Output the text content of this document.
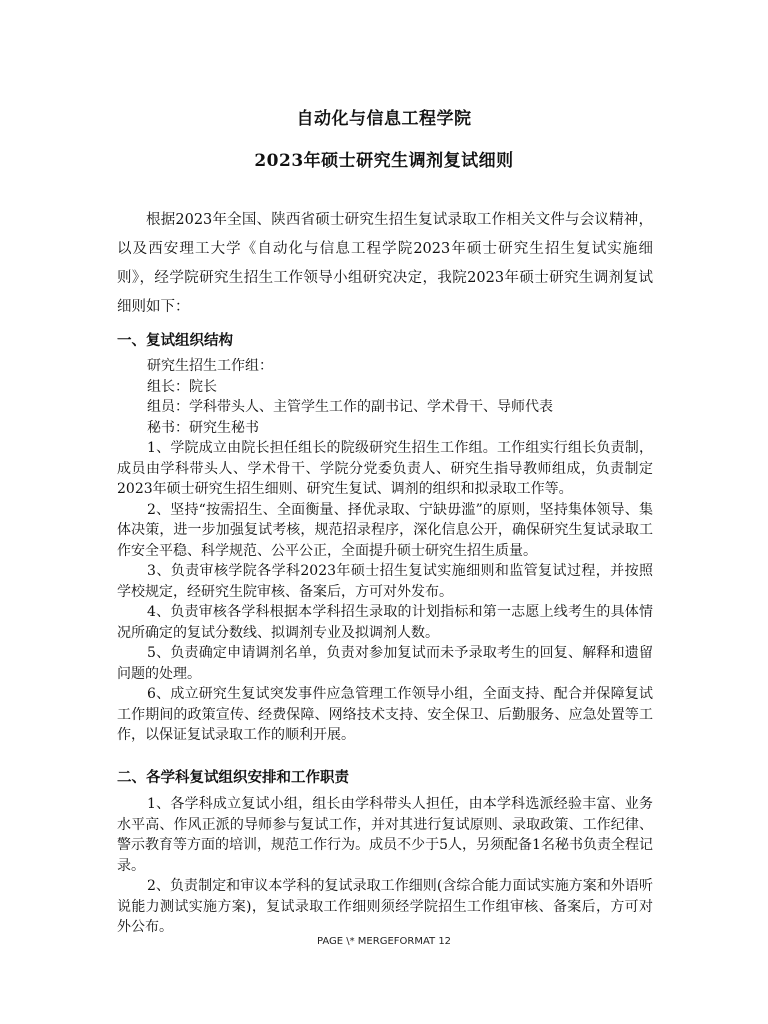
自动化与信息工程学院
2023年硕士研究生调剂复试细则

根据2023年全国、陕西省硕士研究生招生复试录取工作相关文件与会议精神，以及西安理工大学《自动化与信息工程学院2023年硕士研究生招生复试实施细则》，经学院研究生招生工作领导小组研究决定，我院2023年硕士研究生调剂复试细则如下：

一、复试组织结构

研究生招生工作组：

组长：院长

组员：学科带头人、主管学生工作的副书记、学术骨干、导师代表

秘书：研究生秘书

1、学院成立由院长担任组长的院级研究生招生工作组。工作组实行组长负责制，成员由学科带头人、学术骨干、学院分党委负责人、研究生指导教师组成，负责制定2023年硕士研究生招生细则、研究生复试、调剂的组织和拟录取工作等。

2、坚持“按需招生、全面衡量、择优录取、宁缺毋滥”的原则，坚持集体领导、集体决策，进一步加强复试考核，规范招录程序，深化信息公开，确保研究生复试录取工作安全平稳、科学规范、公平公正，全面提升硕士研究生招生质量。

3、负责审核学院各学科2023年硕士招生复试实施细则和监管复试过程，并按照学校规定，经研究生院审核、备案后，方可对外发布。

4、负责审核各学科根据本学科招生录取的计划指标和第一志愿上线考生的具体情况所确定的复试分数线、拟调剂专业及拟调剂人数。

5、负责确定申请调剂名单，负责对参加复试而未予录取考生的回复、解释和遗留问题的处理。

6、成立研究生复试突发事件应急管理工作领导小组，全面支持、配合并保障复试工作期间的政策宣传、经费保障、网络技术支持、安全保卫、后勤服务、应急处置等工作，以保证复试录取工作的顺利开展。

二、各学科复试组织安排和工作职责

1、各学科成立复试小组，组长由学科带头人担任，由本学科选派经验丰富、业务水平高、作风正派的导师参与复试工作，并对其进行复试原则、录取政策、工作纪律、警示教育等方面的培训，规范工作行为。成员不少于5人，另须配备1名秘书负责全程记录。

2、负责制定和审议本学科的复试录取工作细则(含综合能力面试实施方案和外语听说能力测试实施方案)，复试录取工作细则须经学院招生工作组审核、备案后，方可对外公布。

PAGE \* MERGEFORMAT 12
